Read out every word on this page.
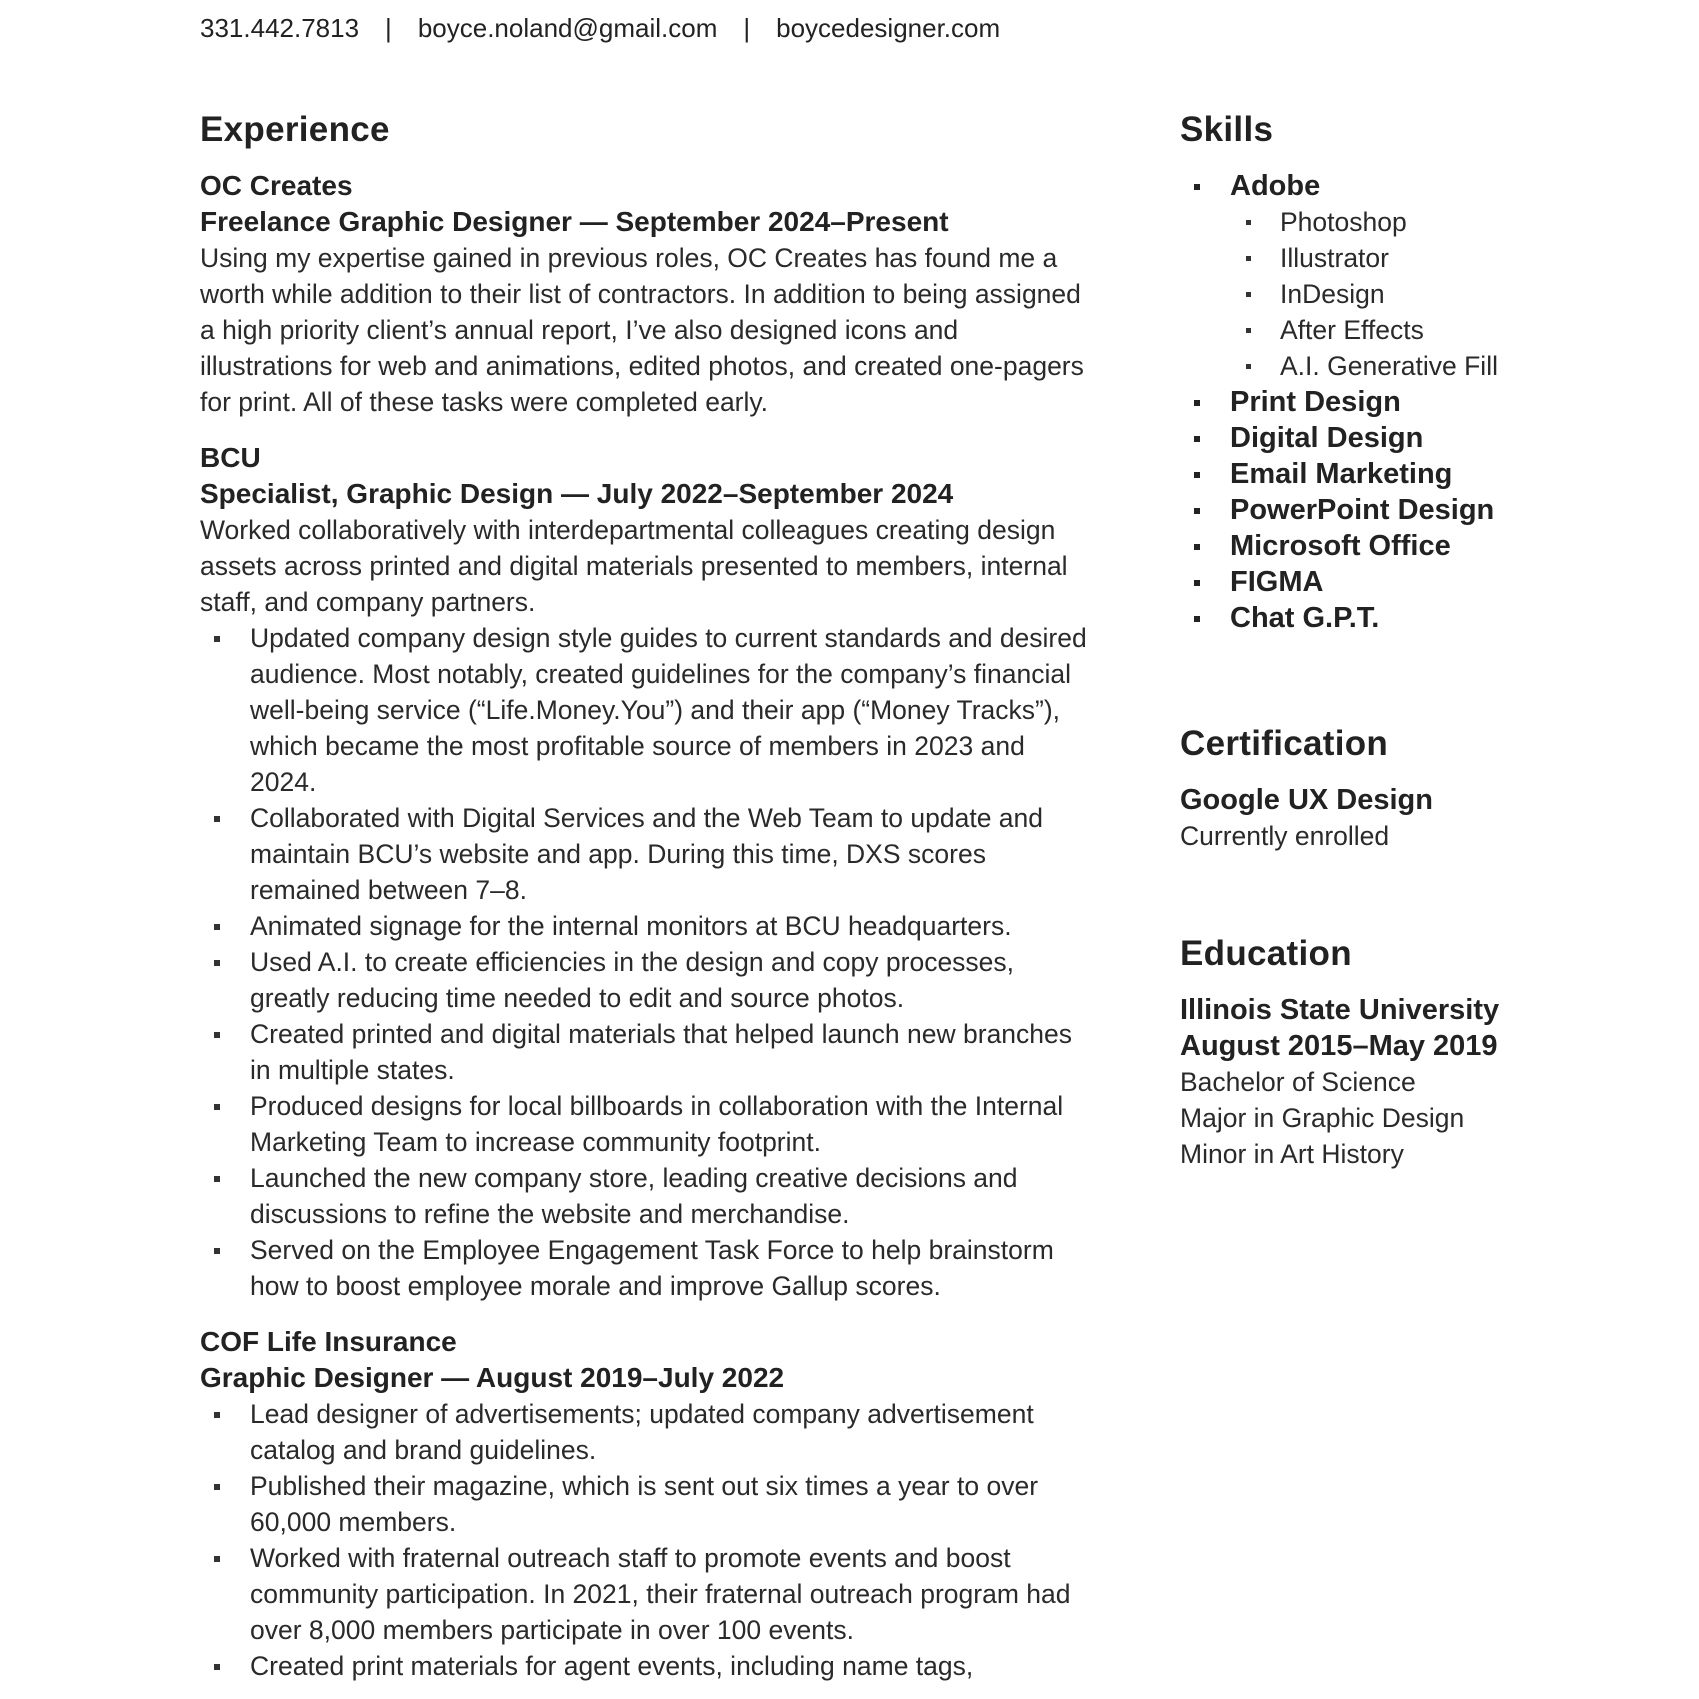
331.442.7813 | boyce.noland@gmail.com | boycedesigner.com
Experience
OC Creates
Freelance Graphic Designer — September 2024–Present

Using my expertise gained in previous roles, OC Creates has found me a worth while addition to their list of contractors. In addition to being assigned a high priority client’s annual report, I’ve also designed icons and illustrations for web and animations, edited photos, and created one-pagers for print. All of these tasks were completed early.

BCU
Specialist, Graphic Design — July 2022–September 2024

Worked collaboratively with interdepartmental colleagues creating design assets across printed and digital materials presented to members, internal staff, and company partners.

Updated company design style guides to current standards and desired audience. Most notably, created guidelines for the company’s financial well-being service (“Life.Money.You”) and their app (“Money Tracks”), which became the most profitable source of members in 2023 and 2024.
Collaborated with Digital Services and the Web Team to update and maintain BCU’s website and app. During this time, DXS scores remained between 7–8.
Animated signage for the internal monitors at BCU headquarters.
Used A.I. to create efficiencies in the design and copy processes, greatly reducing time needed to edit and source photos.
Created printed and digital materials that helped launch new branches in multiple states.
Produced designs for local billboards in collaboration with the Internal Marketing Team to increase community footprint.
Launched the new company store, leading creative decisions and discussions to refine the website and merchandise.
Served on the Employee Engagement Task Force to help brainstorm how to boost employee morale and improve Gallup scores.
COF Life Insurance
Graphic Designer — August 2019–July 2022
Lead designer of advertisements; updated company advertisement catalog and brand guidelines.
Published their magazine, which is sent out six times a year to over 60,000 members.
Worked with fraternal outreach staff to promote events and boost community participation. In 2021, their fraternal outreach program had over 8,000 members participate in over 100 events.
Created print materials for agent events, including name tags,
Skills
Adobe
Photoshop
Illustrator
InDesign
After Effects
A.I. Generative Fill
Print Design
Digital Design
Email Marketing
PowerPoint Design
Microsoft Office
FIGMA
Chat G.P.T.
Certification
Google UX Design
Currently enrolled
Education
Illinois State University
August 2015–May 2019
Bachelor of Science
Major in Graphic Design
Minor in Art History
